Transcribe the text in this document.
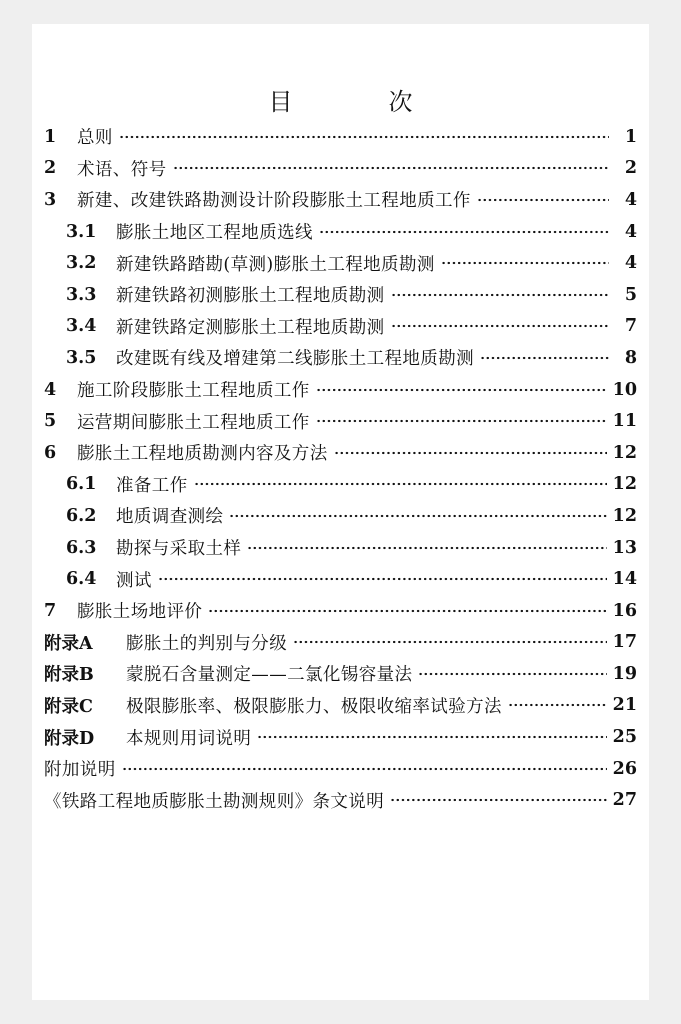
目　次
1	总则	1
2	术语、符号	2
3	新建、改建铁路勘测设计阶段膨胀土工程地质工作	4
3.1	膨胀土地区工程地质选线	4
3.2	新建铁路踏勘(草测)膨胀土工程地质勘测	4
3.3	新建铁路初测膨胀土工程地质勘测	5
3.4	新建铁路定测膨胀土工程地质勘测	7
3.5	改建既有线及增建第二线膨胀土工程地质勘测	8
4	施工阶段膨胀土工程地质工作	10
5	运营期间膨胀土工程地质工作	11
6	膨胀土工程地质勘测内容及方法	12
6.1	准备工作	12
6.2	地质调查测绘	12
6.3	勘探与采取土样	13
6.4	测试	14
7	膨胀土场地评价	16
附录A	膨胀土的判别与分级	17
附录B	蒙脱石含量测定——二氯化锡容量法	19
附录C	极限膨胀率、极限膨胀力、极限收缩率试验方法	21
附录D	本规则用词说明	25
附加说明	26
《铁路工程地质膨胀土勘测规则》条文说明	27
